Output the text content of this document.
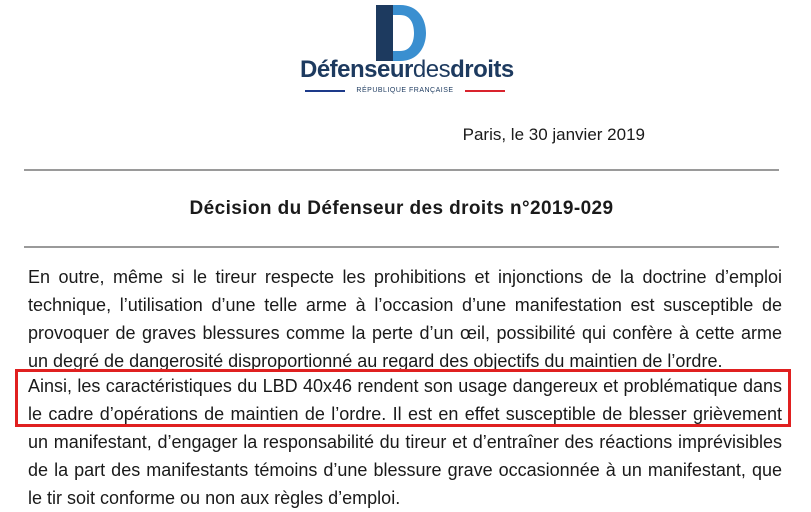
Défenseurdesdroits
RÉPUBLIQUE FRANÇAISE
Paris, le 30 janvier 2019
Décision du Défenseur des droits n°2019-029

En outre, même si le tireur respecte les prohibitions et injonctions de la doctrine d’emploi
technique, l’utilisation d’une telle arme à l’occasion d’une manifestation est susceptible de
provoquer de graves blessures comme la perte d’un œil, possibilité qui confère à cette arme
un degré de dangerosité disproportionné au regard des objectifs du maintien de l’ordre.

Ainsi, les caractéristiques du LBD 40x46 rendent son usage dangereux et problématique dans
le cadre d’opérations de maintien de l’ordre. Il est en effet susceptible de blesser grièvement
un manifestant, d’engager la responsabilité du tireur et d’entraîner des réactions imprévisibles
de la part des manifestants témoins d’une blessure grave occasionnée à un manifestant, que
le tir soit conforme ou non aux règles d’emploi.
